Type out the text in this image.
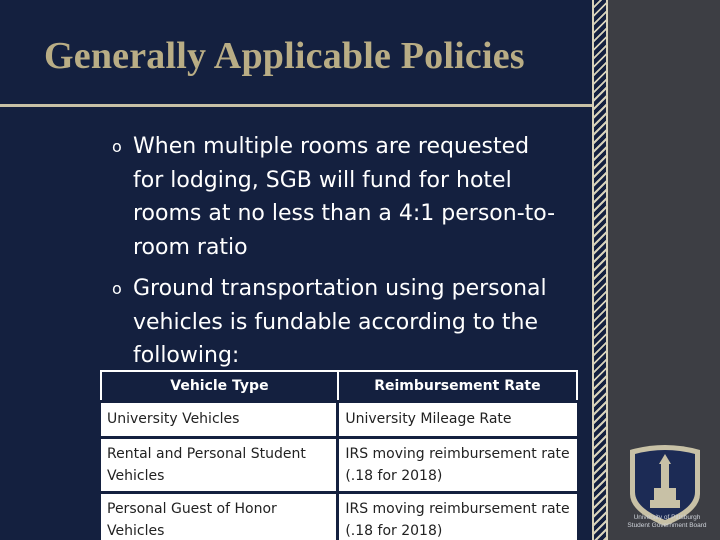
Generally Applicable Policies
o When multiple rooms are requested
for lodging, SGB will fund for hotel
rooms at no less than a 4:1 person-to-
room ratio
o Ground transportation using personal
vehicles is fundable according to the
following:
Vehicle Type	Reimbursement Rate
University Vehicles	University Mileage Rate
Rental and Personal Student Vehicles	IRS moving reimbursement rate (.18 for 2018)
Personal Guest of Honor Vehicles	IRS moving reimbursement rate (.18 for 2018)
University of Pittsburgh
Student Government Board
